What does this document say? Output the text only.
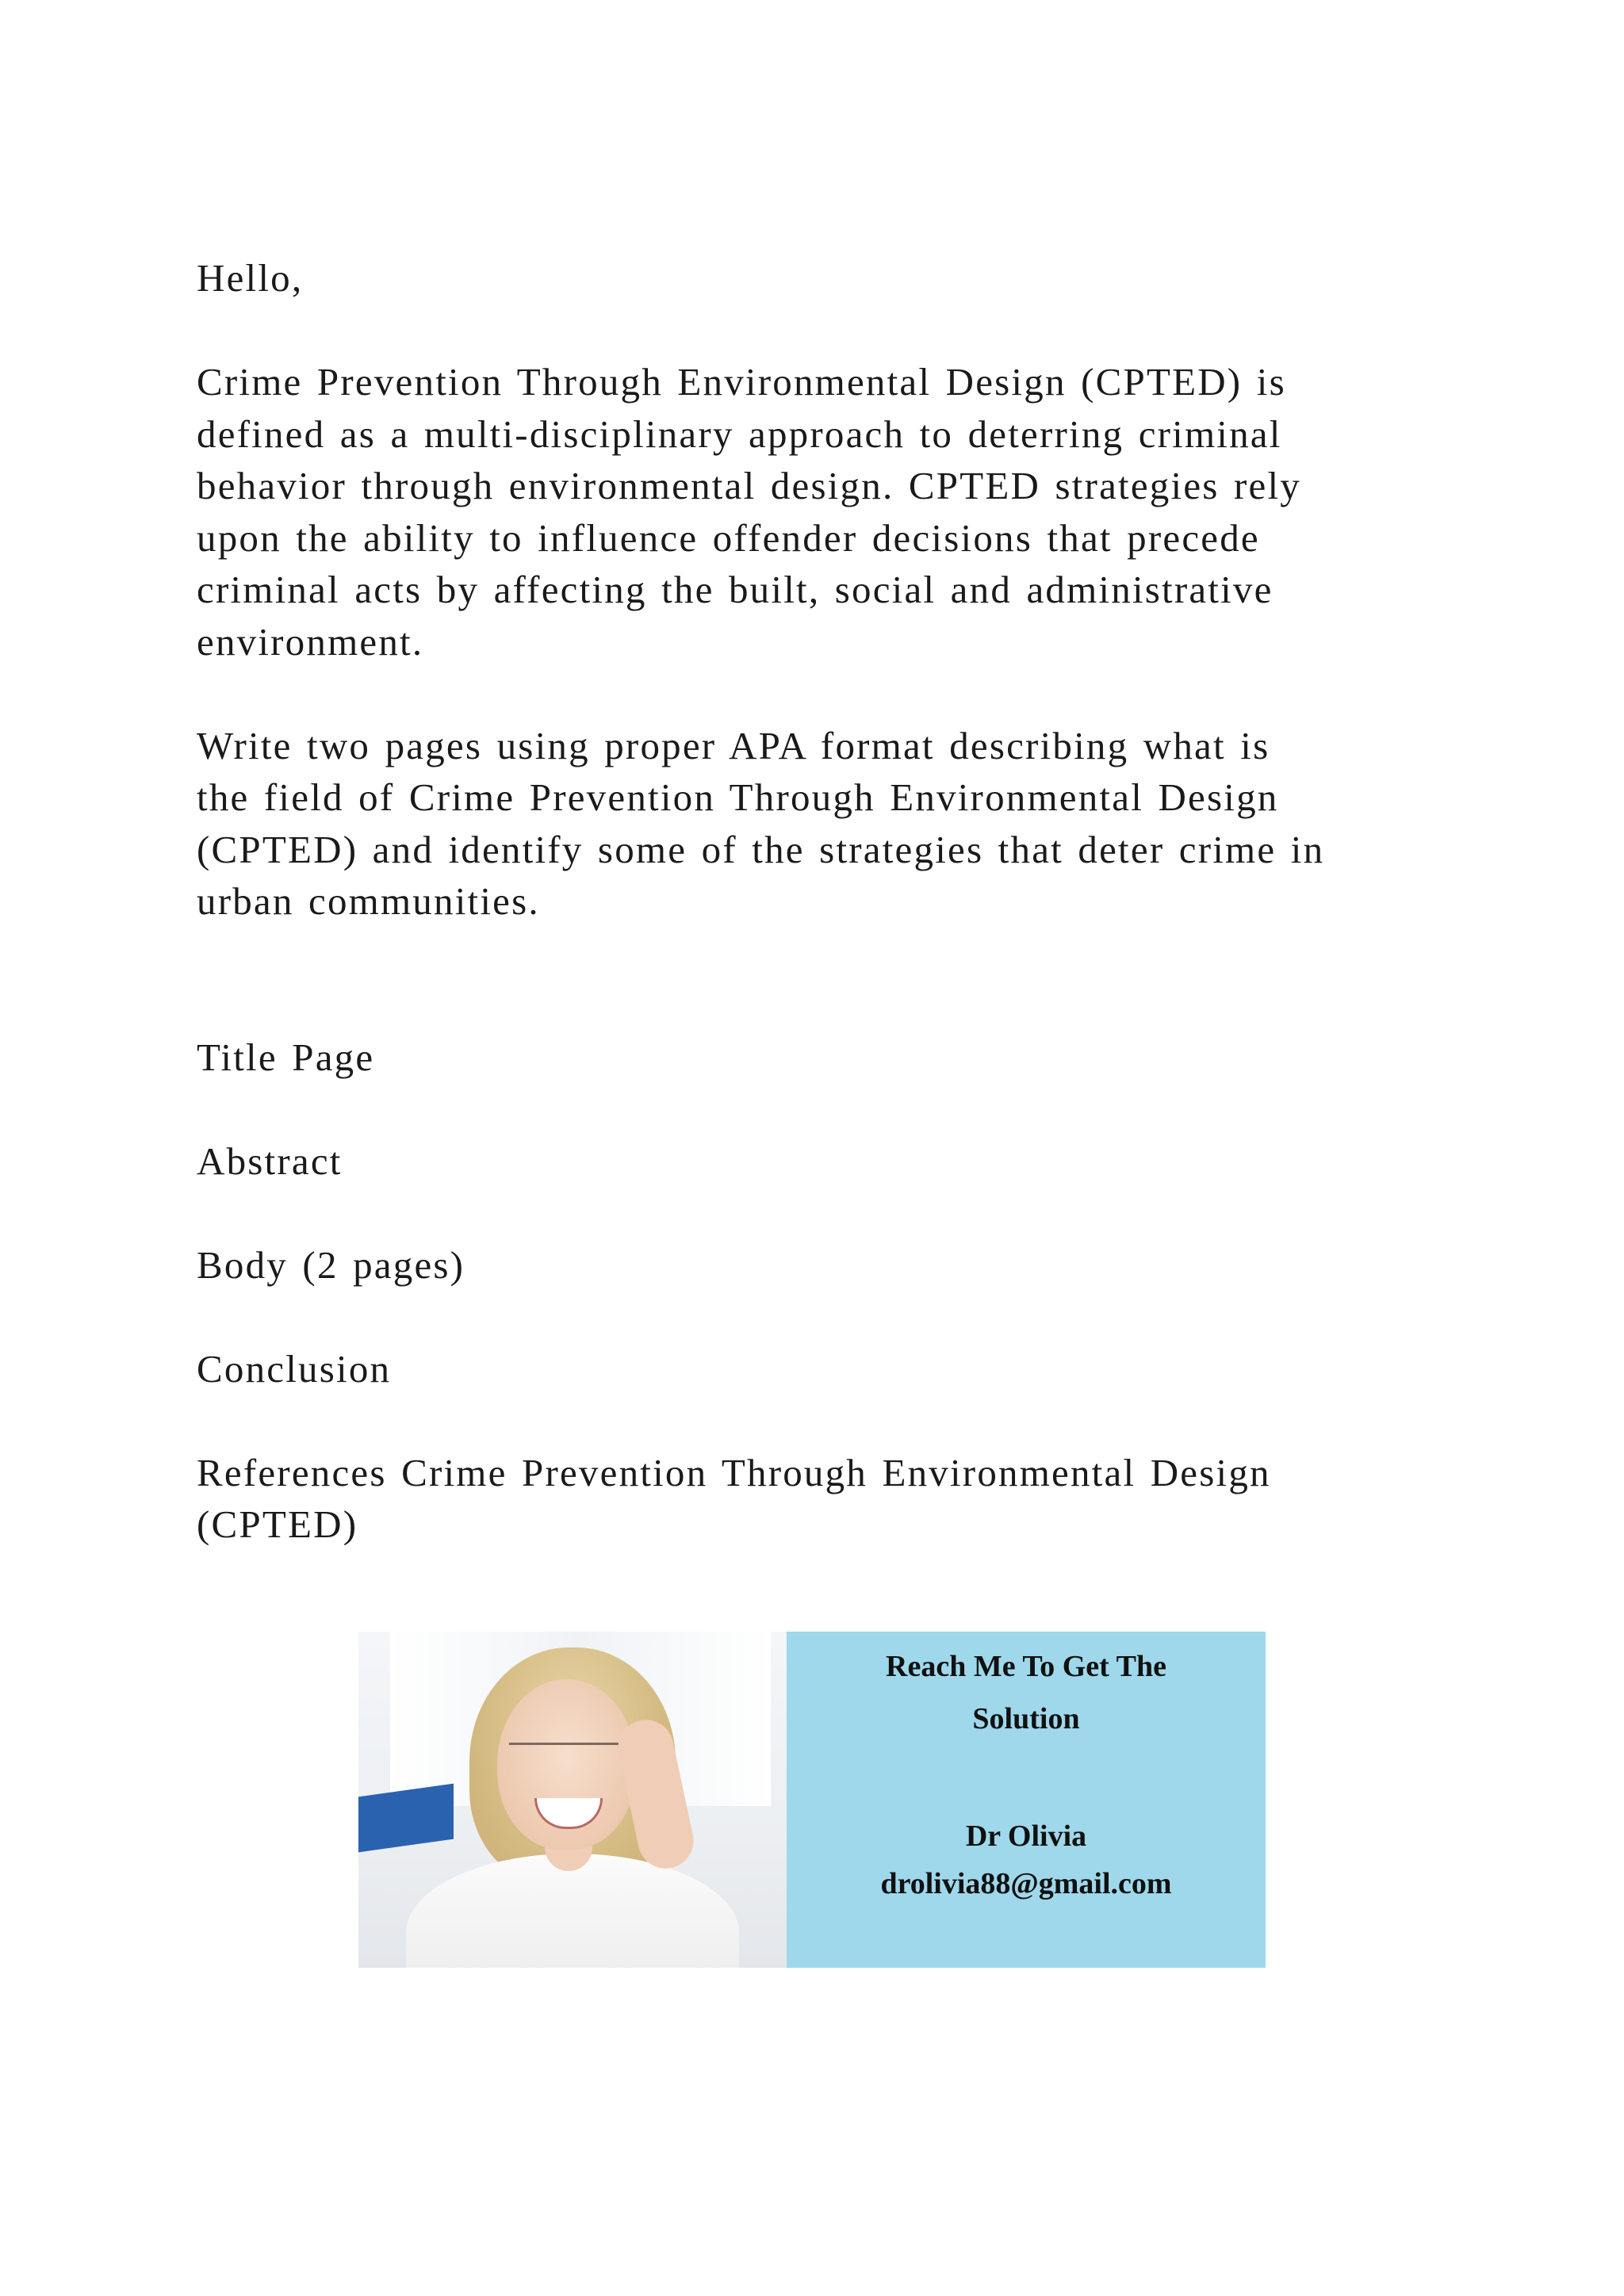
Hello,

Crime Prevention Through Environmental Design (CPTED) is
defined as a multi-disciplinary approach to deterring criminal
behavior through environmental design. CPTED strategies rely
upon the ability to influence offender decisions that precede
criminal acts by affecting the built, social and administrative
environment.

Write two pages using proper APA format describing what is
the field of Crime Prevention Through Environmental Design
(CPTED) and identify some of the strategies that deter crime in
urban communities.

Title Page

Abstract

Body (2 pages)

Conclusion

References Crime Prevention Through Environmental Design
(CPTED)

Reach Me To Get The
Solution
Dr Olivia
drolivia88@gmail.com
